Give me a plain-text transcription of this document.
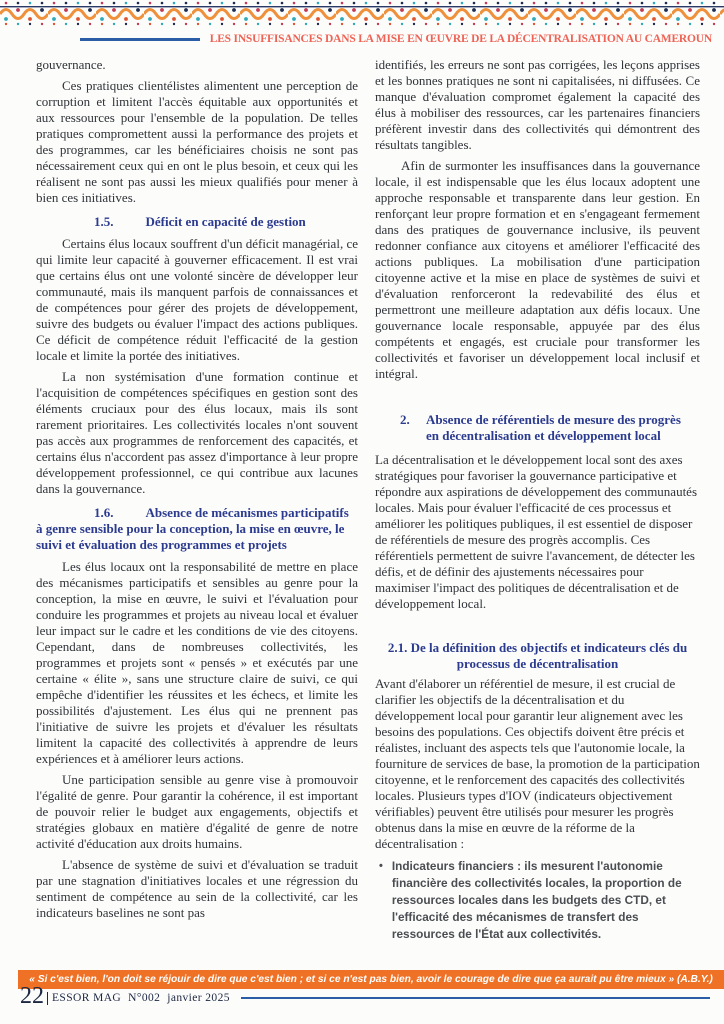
LES INSUFFISANCES DANS LA MISE EN ŒUVRE DE LA DÉCENTRALISATION AU CAMEROUN

gouvernance.

Ces pratiques clientélistes alimentent une perception de corruption et limitent l'accès équitable aux opportunités et aux ressources pour l'ensemble de la population. De telles pratiques compromettent aussi la performance des projets et des programmes, car les bénéficiaires choisis ne sont pas nécessairement ceux qui en ont le plus besoin, et ceux qui les réalisent ne sont pas aussi les mieux qualifiés pour mener à bien ces initiatives.

1.5. Déficit en capacité de gestion

Certains élus locaux souffrent d'un déficit managérial, ce qui limite leur capacité à gouverner efficacement. Il est vrai que certains élus ont une volonté sincère de développer leur communauté, mais ils manquent parfois de connaissances et de compétences pour gérer des projets de développement, suivre des budgets ou évaluer l'impact des actions publiques. Ce déficit de compétence réduit l'efficacité de la gestion locale et limite la portée des initiatives.

La non systémisation d'une formation continue et l'acquisition de compétences spécifiques en gestion sont des éléments cruciaux pour des élus locaux, mais ils sont rarement prioritaires. Les collectivités locales n'ont souvent pas accès aux programmes de renforcement des capacités, et certains élus n'accordent pas assez d'importance à leur propre développement professionnel, ce qui contribue aux lacunes dans la gouvernance.

1.6. Absence de mécanismes participatifs à genre sensible pour la conception, la mise en œuvre, le suivi et évaluation des programmes et projets

Les élus locaux ont la responsabilité de mettre en place des mécanismes participatifs et sensibles au genre pour la conception, la mise en œuvre, le suivi et l'évaluation pour conduire les programmes et projets au niveau local et évaluer leur impact sur le cadre et les conditions de vie des citoyens. Cependant, dans de nombreuses collectivités, les programmes et projets sont « pensés » et exécutés par une certaine « élite », sans une structure claire de suivi, ce qui empêche d'identifier les réussites et les échecs, et limite les possibilités d'ajustement. Les élus qui ne prennent pas l'initiative de suivre les projets et d'évaluer les résultats limitent la capacité des collectivités à apprendre de leurs expériences et à améliorer leurs actions.

Une participation sensible au genre vise à promouvoir l'égalité de genre. Pour garantir la cohérence, il est important de pouvoir relier le budget aux engagements, objectifs et stratégies globaux en matière d'égalité de genre de notre activité d'éducation aux droits humains.

L'absence de système de suivi et d'évaluation se traduit par une stagnation d'initiatives locales et une régression du sentiment de compétence au sein de la collectivité, car les indicateurs baselines ne sont pas

identifiés, les erreurs ne sont pas corrigées, les leçons apprises et les bonnes pratiques ne sont ni capitalisées, ni diffusées. Ce manque d'évaluation compromet également la capacité des élus à mobiliser des ressources, car les partenaires financiers préfèrent investir dans des collectivités qui démontrent des résultats tangibles.

Afin de surmonter les insuffisances dans la gouvernance locale, il est indispensable que les élus locaux adoptent une approche responsable et transparente dans leur gestion. En renforçant leur propre formation et en s'engageant fermement dans des pratiques de gouvernance inclusive, ils peuvent redonner confiance aux citoyens et améliorer l'efficacité des actions publiques. La mobilisation d'une participation citoyenne active et la mise en place de systèmes de suivi et d'évaluation renforceront la redevabilité des élus et permettront une meilleure adaptation aux défis locaux. Une gouvernance locale responsable, appuyée par des élus compétents et engagés, est cruciale pour transformer les collectivités et favoriser un développement local inclusif et intégral.

2.	Absence de référentiels de mesure des progrès en décentralisation et développement local

La décentralisation et le développement local sont des axes stratégiques pour favoriser la gouvernance participative et répondre aux aspirations de développement des communautés locales. Mais pour évaluer l'efficacité de ces processus et améliorer les politiques publiques, il est essentiel de disposer de référentiels de mesure des progrès accomplis. Ces référentiels permettent de suivre l'avancement, de détecter les défis, et de définir des ajustements nécessaires pour maximiser l'impact des politiques de décentralisation et de développement local.

2.1. De la définition des objectifs et indicateurs clés du processus de décentralisation

Avant d'élaborer un référentiel de mesure, il est crucial de clarifier les objectifs de la décentralisation et du développement local pour garantir leur alignement avec les besoins des populations. Ces objectifs doivent être précis et réalistes, incluant des aspects tels que l'autonomie locale, la fourniture de services de base, la promotion de la participation citoyenne, et le renforcement des capacités des collectivités locales. Plusieurs types d'IOV (indicateurs objectivement vérifiables) peuvent être utilisés pour mesurer les progrès obtenus dans la mise en œuvre de la réforme de la décentralisation :

• Indicateurs financiers : ils mesurent l'autonomie financière des collectivités locales, la proportion de ressources locales dans les budgets des CTD, et l'efficacité des mécanismes de transfert des ressources de l'État aux collectivités.
« Si c'est bien, l'on doit se réjouir de dire que c'est bien ; et si ce n'est pas bien, avoir le courage de dire que ça aurait pu être mieux » (A.B.Y.)
22 ESSOR MAG N°002 janvier 2025
